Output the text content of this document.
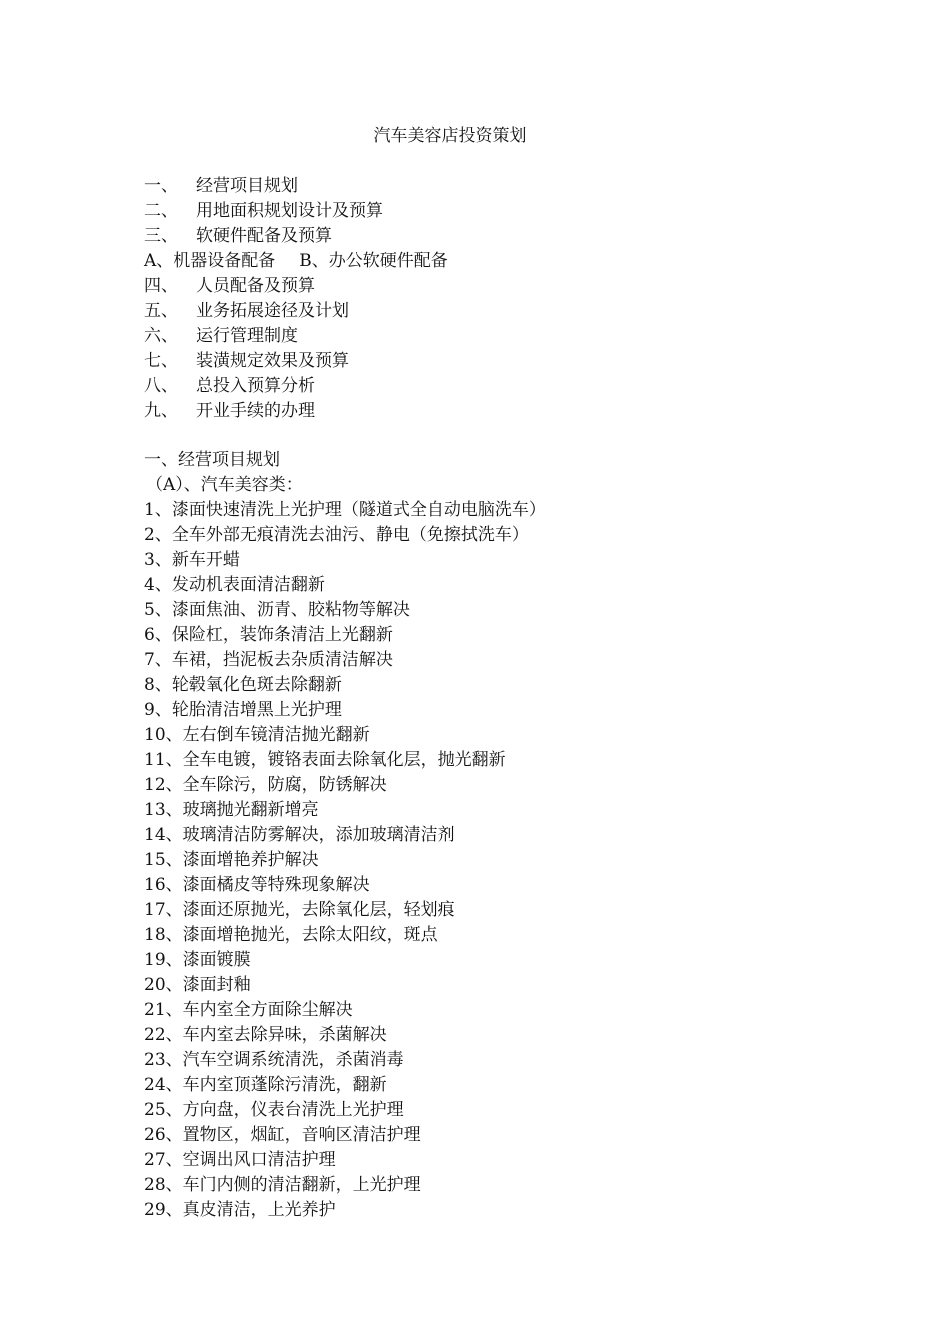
汽车美容店投资策划
一、 经营项目规划
二、 用地面积规划设计及预算
三、 软硬件配备及预算
A、机器设备配备 B、办公软硬件配备
四、 人员配备及预算
五、 业务拓展途径及计划
六、 运行管理制度
七、 装潢规定效果及预算
八、 总投入预算分析
九、 开业手续的办理
一、经营项目规划
（A）、汽车美容类：
1、漆面快速清洗上光护理（隧道式全自动电脑洗车）
2、全车外部无痕清洗去油污、静电（免擦拭洗车）
3、新车开蜡
4、发动机表面清洁翻新
5、漆面焦油、沥青、胶粘物等解决
6、保险杠，装饰条清洁上光翻新
7、车裙，挡泥板去杂质清洁解决
8、轮毂氧化色斑去除翻新
9、轮胎清洁增黑上光护理
10、左右倒车镜清洁抛光翻新
11、全车电镀，镀铬表面去除氧化层，抛光翻新
12、全车除污，防腐，防锈解决
13、玻璃抛光翻新增亮
14、玻璃清洁防雾解决，添加玻璃清洁剂
15、漆面增艳养护解决
16、漆面橘皮等特殊现象解决
17、漆面还原抛光，去除氧化层，轻划痕
18、漆面增艳抛光，去除太阳纹，斑点
19、漆面镀膜
20、漆面封釉
21、车内室全方面除尘解决
22、车内室去除异味，杀菌解决
23、汽车空调系统清洗，杀菌消毒
24、车内室顶蓬除污清洗，翻新
25、方向盘，仪表台清洗上光护理
26、置物区，烟缸，音响区清洁护理
27、空调出风口清洁护理
28、车门内侧的清洁翻新，上光护理
29、真皮清洁，上光养护
